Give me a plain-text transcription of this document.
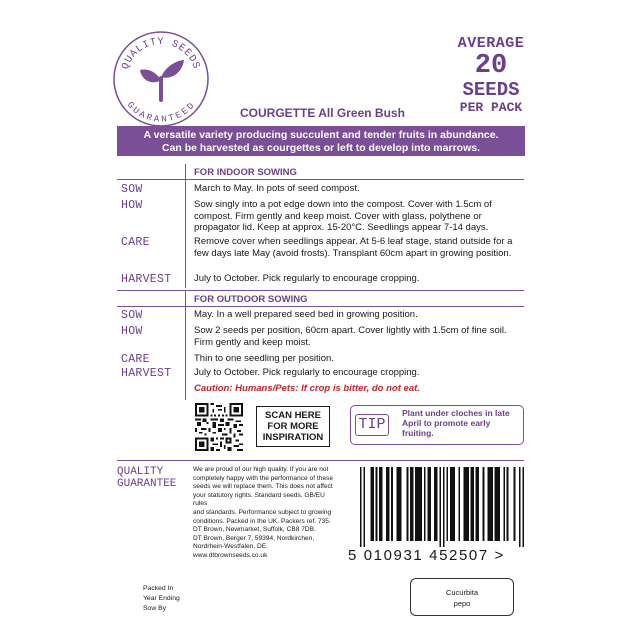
QUALITY SEEDS
GUARANTEED
AVERAGE
20
SEEDS
PER PACK
COURGETTE All Green Bush
A versatile variety producing succulent and tender fruits in abundance.
Can be harvested as courgettes or left to develop into marrows.
FOR INDOOR SOWING
SOW	March to May. In pots of seed compost.
HOW	Sow singly into a pot edge down into the compost. Cover with 1.5cm of compost. Firm gently and keep moist. Cover with glass, polythene or propagator lid. Keep at approx. 15-20°C. Seedlings appear 7-14 days.
CARE	Remove cover when seedlings appear. At 5-6 leaf stage, stand outside for a few days late May (avoid frosts). Transplant 60cm apart in growing position.
HARVEST July to October. Pick regularly to encourage cropping.
FOR OUTDOOR SOWING
SOW	May. In a well prepared seed bed in growing position.
HOW	Sow 2 seeds per position, 60cm apart. Cover lightly with 1.5cm of fine soil. Firm gently and keep moist.
CARE	Thin to one seedling per position.
HARVEST July to October. Pick regularly to encourage cropping.
Caution: Humans/Pets: If crop is bitter, do not eat.
SCAN HERE
FOR MORE
INSPIRATION
TIP
Plant under cloches in late
April to promote early
fruiting.
QUALITY
GUARANTEE
We are proud of our high quality. If you are not
completely happy with the performance of these
seeds we will replace them. This does not affect
your statutory rights. Standard seeds. GB/EU rules
and standards. Performance subject to growing
conditions. Packed in the UK. Packers ref. 735.
DT Brown, Newmarket, Suffolk, CB8 7DB.
DT Brown, Berger 7, 59394, Nordkirchen,
Nordrhein-Westfalen, DE. www.dtbrownseeds.co.uk	5 010931 452507 >
Packed In
Year Ending
Sow By
Cucurbita
pepo
